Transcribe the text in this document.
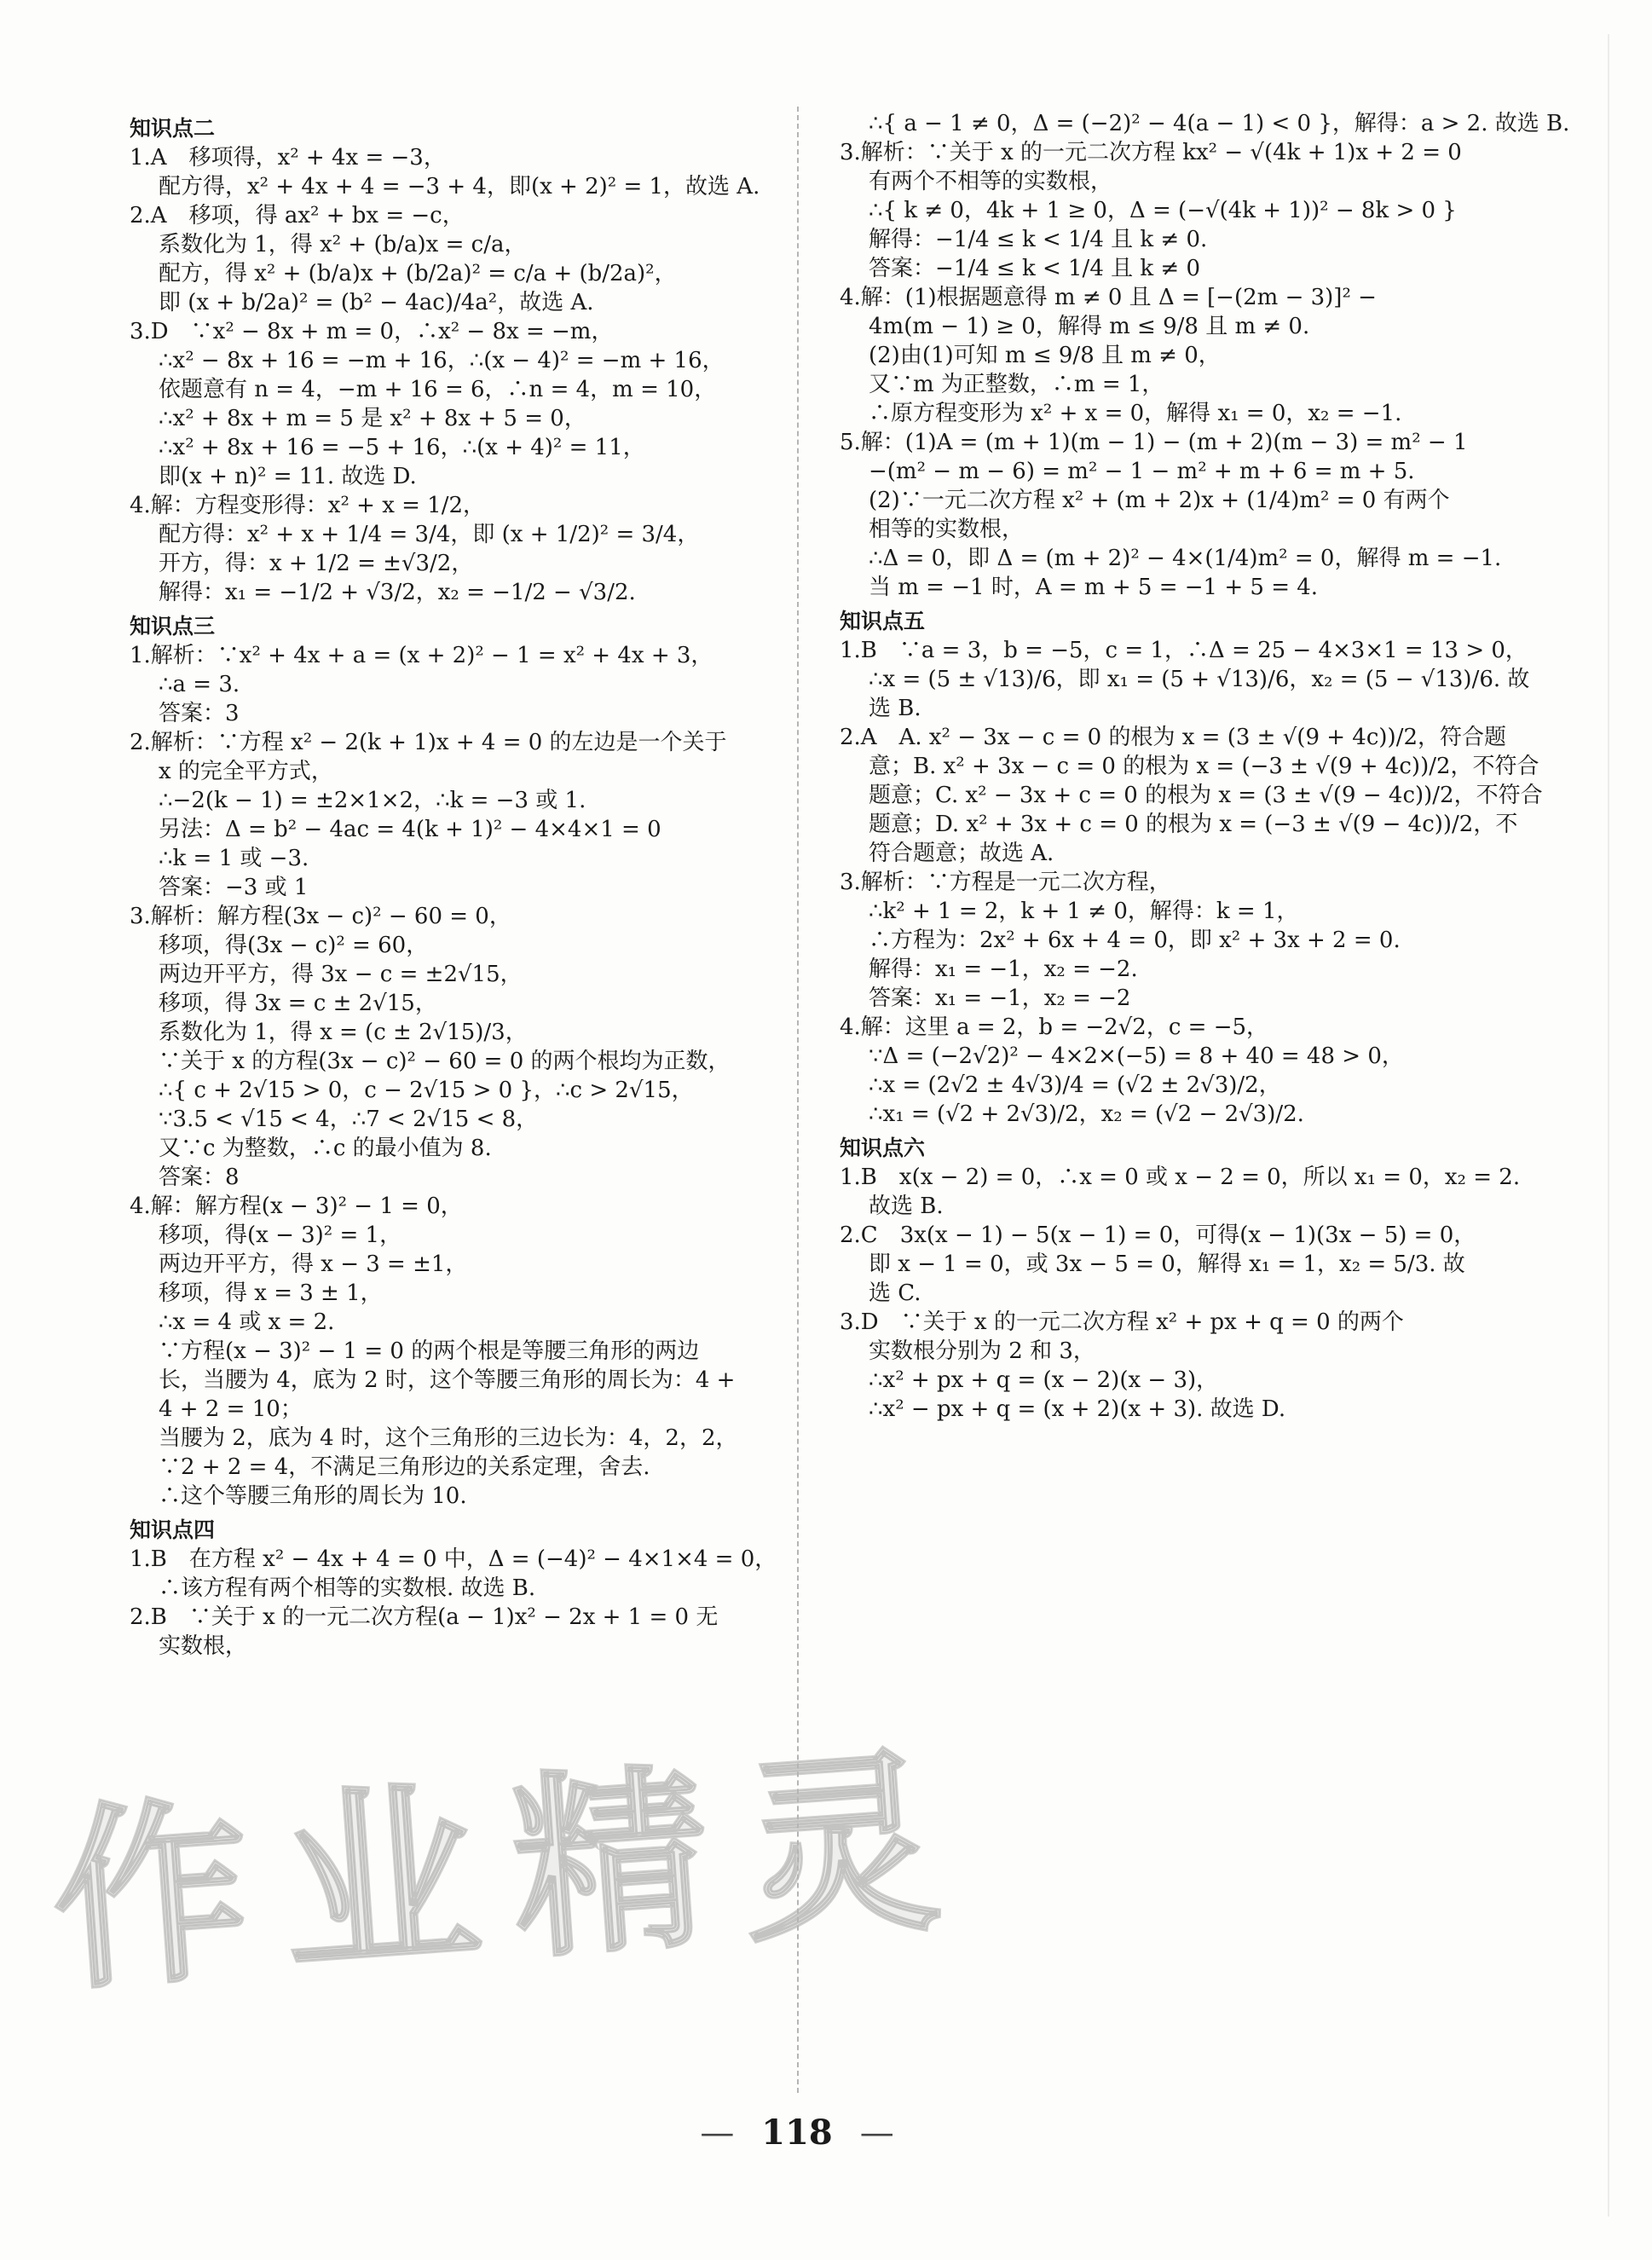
作业精灵

知识点二

1.A　移项得，x² + 4x = −3，

配方得，x² + 4x + 4 = −3 + 4，即(x + 2)² = 1，故选 A.

2.A　移项，得 ax² + bx = −c，

系数化为 1，得 x² + (b/a)x = c/a，

配方，得 x² + (b/a)x + (b/2a)² = c/a + (b/2a)²，

即 (x + b/2a)² = (b² − 4ac)/4a²，故选 A.

3.D　∵x² − 8x + m = 0，∴x² − 8x = −m，

∴x² − 8x + 16 = −m + 16，∴(x − 4)² = −m + 16，

依题意有 n = 4，−m + 16 = 6，∴n = 4，m = 10，

∴x² + 8x + m = 5 是 x² + 8x + 5 = 0，

∴x² + 8x + 16 = −5 + 16，∴(x + 4)² = 11，

即(x + n)² = 11. 故选 D.

4.解：方程变形得：x² + x = 1/2，

配方得：x² + x + 1/4 = 3/4，即 (x + 1/2)² = 3/4，

开方，得：x + 1/2 = ±√3/2，

解得：x₁ = −1/2 + √3/2，x₂ = −1/2 − √3/2.

知识点三

1.解析：∵x² + 4x + a = (x + 2)² − 1 = x² + 4x + 3，

∴a = 3.

答案：3

2.解析：∵方程 x² − 2(k + 1)x + 4 = 0 的左边是一个关于

x 的完全平方式，

∴−2(k − 1) = ±2×1×2，∴k = −3 或 1.

另法：Δ = b² − 4ac = 4(k + 1)² − 4×4×1 = 0

∴k = 1 或 −3.

答案：−3 或 1

3.解析：解方程(3x − c)² − 60 = 0，

移项，得(3x − c)² = 60，

两边开平方，得 3x − c = ±2√15，

移项，得 3x = c ± 2√15，

系数化为 1，得 x = (c ± 2√15)/3，

∵关于 x 的方程(3x − c)² − 60 = 0 的两个根均为正数，

∴{ c + 2√15 > 0，c − 2√15 > 0 }，∴c > 2√15，

∵3.5 < √15 < 4，∴7 < 2√15 < 8，

又∵c 为整数，∴c 的最小值为 8.

答案：8

4.解：解方程(x − 3)² − 1 = 0，

移项，得(x − 3)² = 1，

两边开平方，得 x − 3 = ±1，

移项，得 x = 3 ± 1，

∴x = 4 或 x = 2.

∵方程(x − 3)² − 1 = 0 的两个根是等腰三角形的两边

长，当腰为 4，底为 2 时，这个等腰三角形的周长为：4 +

4 + 2 = 10；

当腰为 2，底为 4 时，这个三角形的三边长为：4，2，2，

∵2 + 2 = 4，不满足三角形边的关系定理，舍去.

∴这个等腰三角形的周长为 10.

知识点四

1.B　在方程 x² − 4x + 4 = 0 中，Δ = (−4)² − 4×1×4 = 0，

∴该方程有两个相等的实数根. 故选 B.

2.B　∵关于 x 的一元二次方程(a − 1)x² − 2x + 1 = 0 无

实数根，

∴{ a − 1 ≠ 0，Δ = (−2)² − 4(a − 1) < 0 }，解得：a > 2. 故选 B.

3.解析：∵关于 x 的一元二次方程 kx² − √(4k + 1)x + 2 = 0

有两个不相等的实数根，

∴{ k ≠ 0，4k + 1 ≥ 0，Δ = (−√(4k + 1))² − 8k > 0 }

解得：−1/4 ≤ k < 1/4 且 k ≠ 0.

答案：−1/4 ≤ k < 1/4 且 k ≠ 0

4.解：(1)根据题意得 m ≠ 0 且 Δ = [−(2m − 3)]² −

4m(m − 1) ≥ 0，解得 m ≤ 9/8 且 m ≠ 0.

(2)由(1)可知 m ≤ 9/8 且 m ≠ 0，

又∵m 为正整数，∴m = 1，

∴原方程变形为 x² + x = 0，解得 x₁ = 0，x₂ = −1.

5.解：(1)A = (m + 1)(m − 1) − (m + 2)(m − 3) = m² − 1

−(m² − m − 6) = m² − 1 − m² + m + 6 = m + 5.

(2)∵一元二次方程 x² + (m + 2)x + (1/4)m² = 0 有两个

相等的实数根，

∴Δ = 0，即 Δ = (m + 2)² − 4×(1/4)m² = 0，解得 m = −1.

当 m = −1 时，A = m + 5 = −1 + 5 = 4.

知识点五

1.B　∵a = 3，b = −5，c = 1，∴Δ = 25 − 4×3×1 = 13 > 0，

∴x = (5 ± √13)/6，即 x₁ = (5 + √13)/6，x₂ = (5 − √13)/6. 故

选 B.

2.A　A. x² − 3x − c = 0 的根为 x = (3 ± √(9 + 4c))/2，符合题

意；B. x² + 3x − c = 0 的根为 x = (−3 ± √(9 + 4c))/2，不符合

题意；C. x² − 3x + c = 0 的根为 x = (3 ± √(9 − 4c))/2，不符合

题意；D. x² + 3x + c = 0 的根为 x = (−3 ± √(9 − 4c))/2，不

符合题意；故选 A.

3.解析：∵方程是一元二次方程，

∴k² + 1 = 2，k + 1 ≠ 0，解得：k = 1，

∴方程为：2x² + 6x + 4 = 0，即 x² + 3x + 2 = 0.

解得：x₁ = −1，x₂ = −2.

答案：x₁ = −1，x₂ = −2

4.解：这里 a = 2，b = −2√2，c = −5，

∵Δ = (−2√2)² − 4×2×(−5) = 8 + 40 = 48 > 0，

∴x = (2√2 ± 4√3)/4 = (√2 ± 2√3)/2，

∴x₁ = (√2 + 2√3)/2，x₂ = (√2 − 2√3)/2.

知识点六

1.B　x(x − 2) = 0，∴x = 0 或 x − 2 = 0，所以 x₁ = 0，x₂ = 2.

故选 B.

2.C　3x(x − 1) − 5(x − 1) = 0，可得(x − 1)(3x − 5) = 0，

即 x − 1 = 0，或 3x − 5 = 0，解得 x₁ = 1，x₂ = 5/3. 故

选 C.

3.D　∵关于 x 的一元二次方程 x² + px + q = 0 的两个

实数根分别为 2 和 3，

∴x² + px + q = (x − 2)(x − 3)，

∴x² − px + q = (x + 2)(x + 3). 故选 D.

— 118 —
